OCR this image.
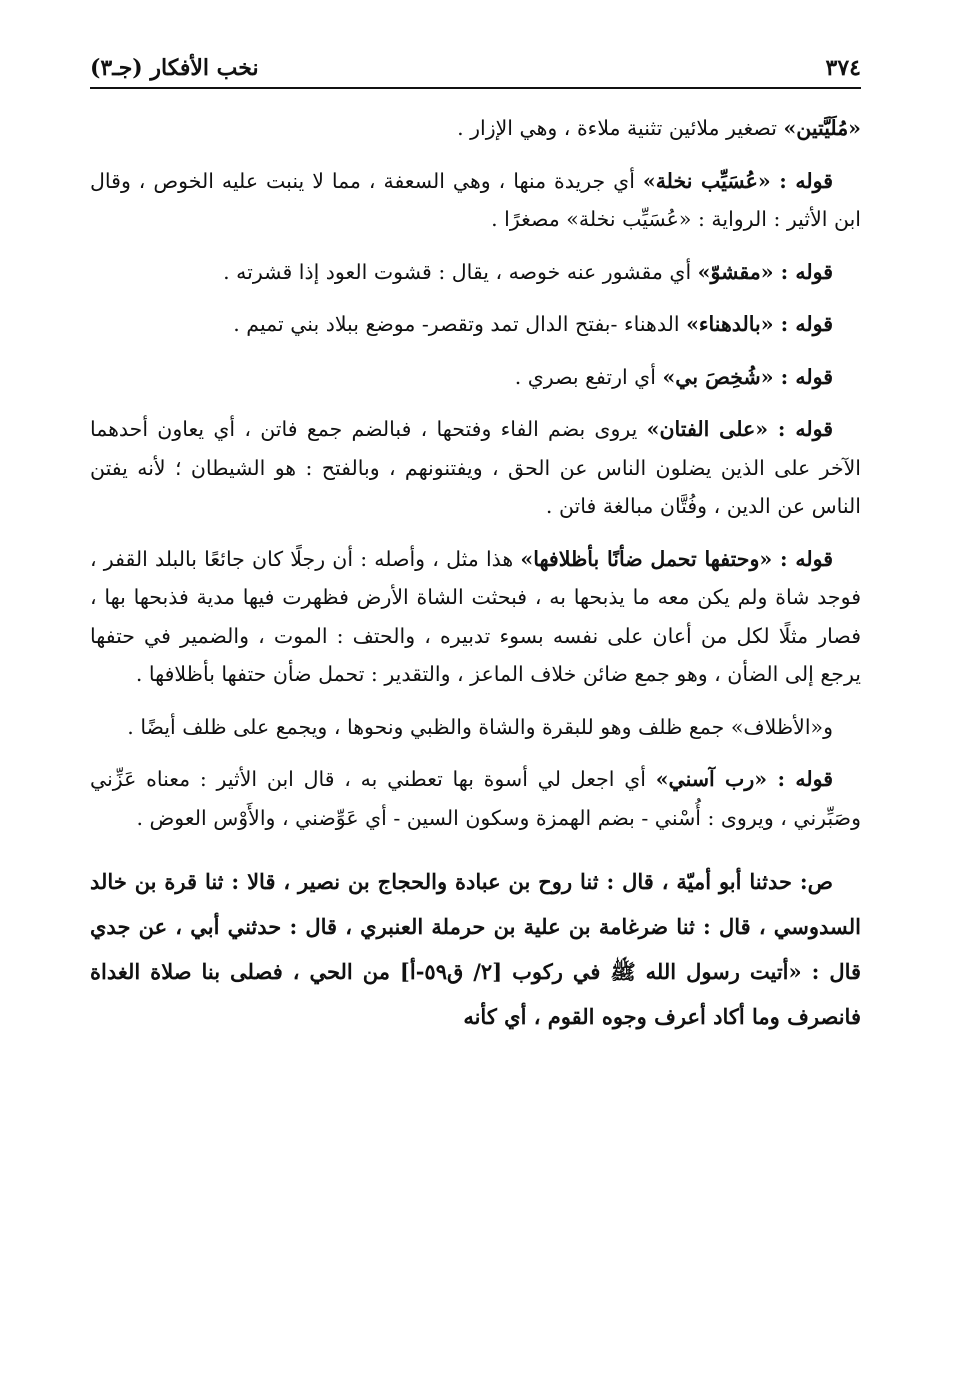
٣٧٤
نخب الأفكار (جـ٣)

«مُلَيَّتين» تصغير ملائين تثنية ملاءة ، وهي الإزار .

قوله : «عُسَيِّب نخلة» أي جريدة منها ، وهي السعفة ، مما لا ينبت عليه الخوص ، وقال ابن الأثير : الرواية : «عُسَيِّب نخلة» مصغرًا .

قوله : «مقشوّ» أي مقشور عنه خوصه ، يقال : قشوت العود إذا قشرته .

قوله : «بالدهناء» الدهناء -بفتح الدال تمد وتقصر- موضع ببلاد بني تميم .

قوله : «شُخِصَ بي» أي ارتفع بصري .

قوله : «على الفتان» يروى بضم الفاء وفتحها ، فبالضم جمع فاتن ، أي يعاون أحدهما الآخر على الذين يضلون الناس عن الحق ، ويفتنونهم ، وبالفتح : هو الشيطان ؛ لأنه يفتن الناس عن الدين ، وفُتَّان مبالغة فاتن .

قوله : «وحتفها تحمل ضأنًا بأظلافها» هذا مثل ، وأصله : أن رجلًا كان جائعًا بالبلد القفر ، فوجد شاة ولم يكن معه ما يذبحها به ، فبحثت الشاة الأرض فظهرت فيها مدية فذبحها بها ، فصار مثلًا لكل من أعان على نفسه بسوء تدبيره ، والحتف : الموت ، والضمير في حتفها يرجع إلى الضأن ، وهو جمع ضائن خلاف الماعز ، والتقدير : تحمل ضأن حتفها بأظلافها .

و«الأظلاف» جمع ظلف وهو للبقرة والشاة والظبي ونحوها ، ويجمع على ظلف أيضًا .

قوله : «رب آسني» أي اجعل لي أسوة بها تعطني به ، قال ابن الأثير : معناه عَزِّني وصَبِّرني ، ويروى : أُسْني - بضم الهمزة وسكون السين - أي عَوِّضني ، والأَوْس العوض .

ص: حدثنا أبو أميّة ، قال : ثنا روح بن عبادة والحجاج بن نصير ، قالا : ثنا قرة بن خالد السدوسي ، قال : ثنا ضرغامة بن علية بن حرملة العنبري ، قال : حدثني أبي ، عن جدي قال : «أتيت رسول الله ﷺ في ركوب [٢/ ق٥٩-أ] من الحي ، فصلى بنا صلاة الغداة فانصرف وما أكاد أعرف وجوه القوم ، أي كأنه
